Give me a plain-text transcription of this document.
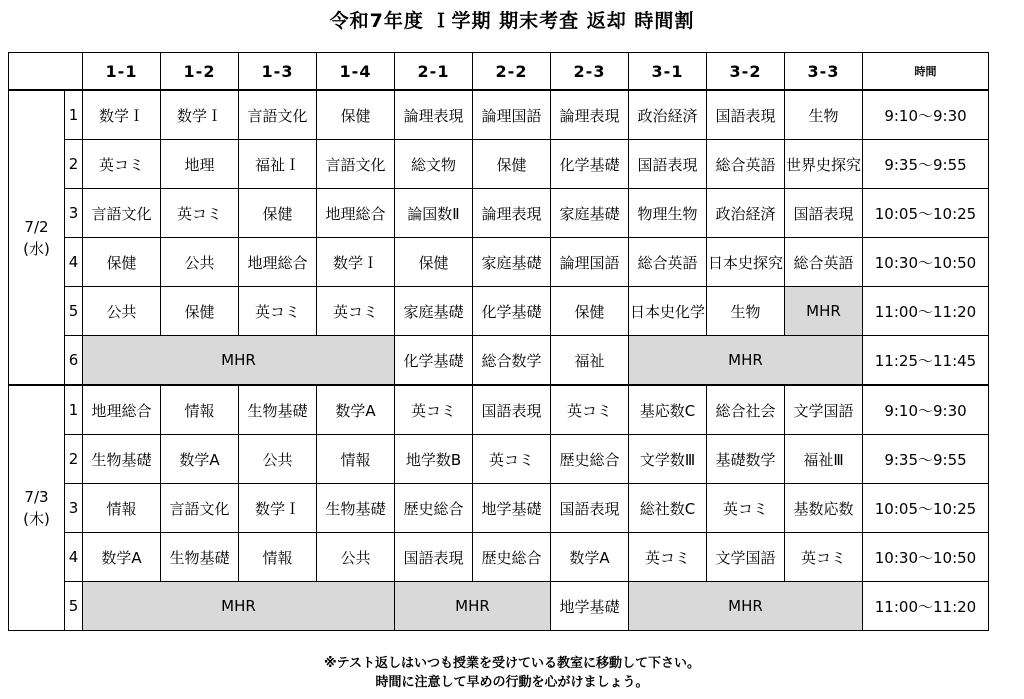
令和7年度 Ｉ学期 期末考査 返却 時間割
		1-1	1-2	1-3	1-4	2-1	2-2	2-3	3-1	3-2	3-3	時間

7/2
(水)	1	数学Ｉ	数学Ｉ	言語文化	保健	論理表現	論理国語	論理表現	政治経済	国語表現	生物	9:10〜9:30
	2	英コミ	地理	福祉Ｉ	言語文化	総文物	保健	化学基礎	国語表現	総合英語	世界史探究	9:35〜9:55
	3	言語文化	英コミ	保健	地理総合	論国数Ⅱ	論理表現	家庭基礎	物理生物	政治経済	国語表現	10:05〜10:25
	4	保健	公共	地理総合	数学Ｉ	保健	家庭基礎	論理国語	総合英語	日本史探究	総合英語	10:30〜10:50
	5	公共	保健	英コミ	英コミ	家庭基礎	化学基礎	保健	日本史化学	生物	MHR	11:00〜11:20
	6	MHR				化学基礎	総合数学	福祉	MHR			11:25〜11:45

7/3
(木)	1	地理総合	情報	生物基礎	数学A	英コミ	国語表現	英コミ	基応数C	総合社会	文学国語	9:10〜9:30
	2	生物基礎	数学A	公共	情報	地学数B	英コミ	歴史総合	文学数Ⅲ	基礎数学	福祉Ⅲ	9:35〜9:55
	3	情報	言語文化	数学Ｉ	生物基礎	歴史総合	地学基礎	国語表現	総社数C	英コミ	基数応数	10:05〜10:25
	4	数学A	生物基礎	情報	公共	国語表現	歴史総合	数学A	英コミ	文学国語	英コミ	10:30〜10:50
	5	MHR				MHR		地学基礎	MHR			11:00〜11:20
※テスト返しはいつも授業を受けている教室に移動して下さい。
時間に注意して早めの行動を心がけましょう。
